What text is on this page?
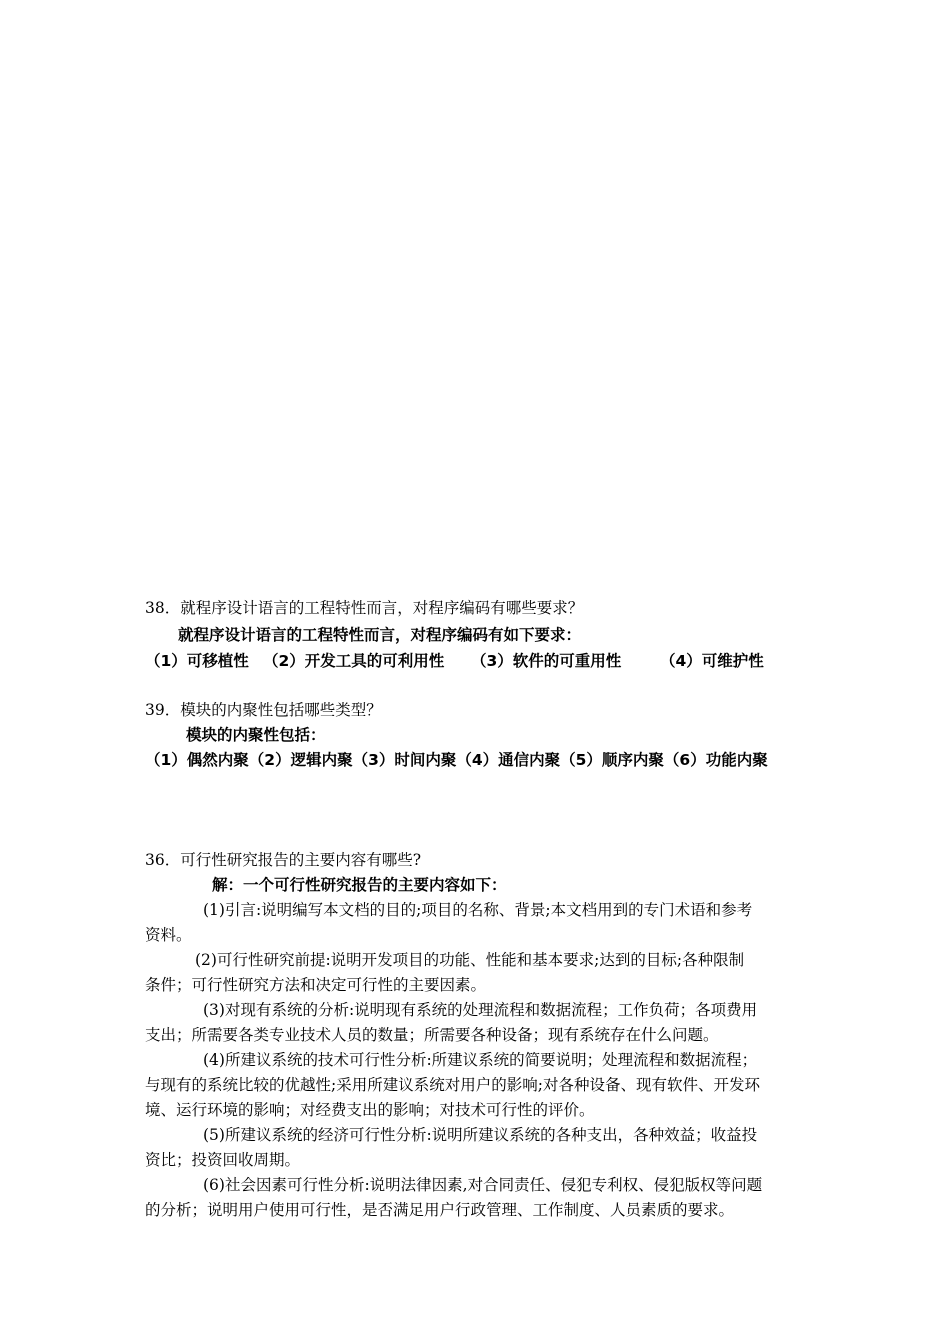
38．就程序设计语言的工程特性而言，对程序编码有哪些要求？
就程序设计语言的工程特性而言，对程序编码有如下要求：
（1）可移植性 （2）开发工具的可利用性 （3）软件的可重用性 （4）可维护性
39．模块的内聚性包括哪些类型？
模块的内聚性包括：
（1）偶然内聚（2）逻辑内聚（3）时间内聚（4）通信内聚（5）顺序内聚（6）功能内聚
36．可行性研究报告的主要内容有哪些?
解：一个可行性研究报告的主要内容如下：
(1)引言:说明编写本文档的目的;项目的名称、背景;本文档用到的专门术语和参考
资料。
(2)可行性研究前提:说明开发项目的功能、性能和基本要求;达到的目标;各种限制
条件；可行性研究方法和决定可行性的主要因素。
(3)对现有系统的分析:说明现有系统的处理流程和数据流程；工作负荷；各项费用
支出；所需要各类专业技术人员的数量；所需要各种设备；现有系统存在什么问题。
(4)所建议系统的技术可行性分析:所建议系统的简要说明；处理流程和数据流程；
与现有的系统比较的优越性;采用所建议系统对用户的影响;对各种设备、现有软件、开发环
境、运行环境的影响；对经费支出的影响；对技术可行性的评价。
(5)所建议系统的经济可行性分析:说明所建议系统的各种支出，各种效益；收益投
资比；投资回收周期。
(6)社会因素可行性分析:说明法律因素,对合同责任、侵犯专利权、侵犯版权等问题
的分析；说明用户使用可行性，是否满足用户行政管理、工作制度、人员素质的要求。
